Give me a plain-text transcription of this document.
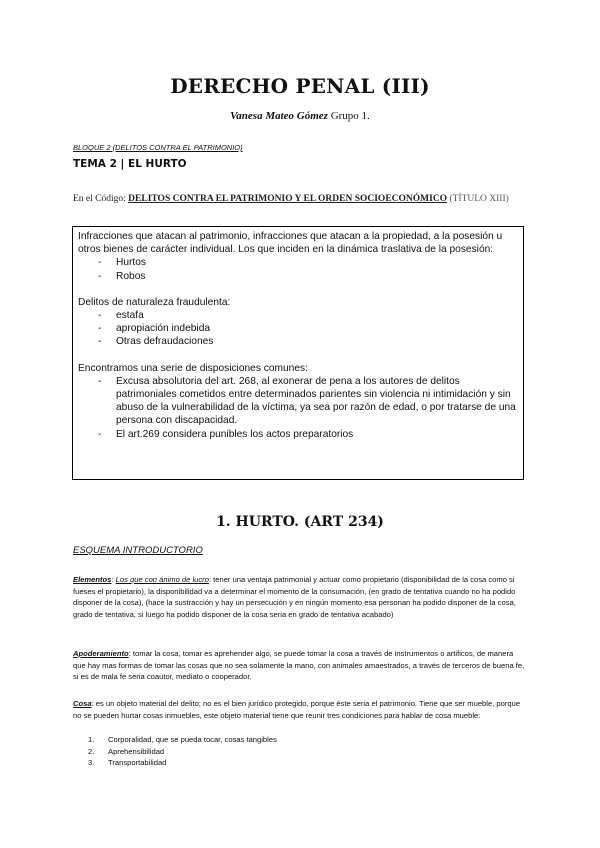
DERECHO PENAL (III)
Vanesa Mateo Gómez Grupo 1.
BLOQUE 2 (DELITOS CONTRA EL PATRIMONIO)
TEMA 2 | EL HURTO
En el Código: DELITOS CONTRA EL PATRIMONIO Y EL ORDEN SOCIOECONÓMICO (TÍTULO XIII)

Infracciones que atacan al patrimonio, infracciones que atacan a la propiedad, a la posesión u otros bienes de carácter individual. Los que inciden en la dinámica traslativa de la posesión:

- Hurtos
- Robos

Delitos de naturaleza fraudulenta:

- estafa
- apropiación indebida
- Otras defraudaciones

Encontramos una serie de disposiciones comunes:

- Excusa absolutoria del art. 268, al exonerar de pena a los autores de delitos patrimoniales cometidos entre determinados parientes sin violencia ni intimidación y sin abuso de la vulnerabilidad de la víctima, ya sea por razón de edad, o por tratarse de una persona con discapacidad.
- El art.269 considera punibles los actos preparatorios
1. HURTO. (ART 234)
ESQUEMA INTRODUCTORIO

Elementos: Los que con ánimo de lucro: tener una ventaja patrimonial y actuar como propietario (disponibilidad de la cosa como si fueses el propietario), la disponibilidad va a determinar el momento de la consumación, (en grado de tentativa cuando no ha podido disponer de la cosa), (hace la sustracción y hay un persecución y en ningún momento esa personan ha podido disponer de la cosa, grado de tentativa, si luego ha podido disponer de la cosa seria en grado de tentativa acabado)

Apoderamiento: tomar la cosa, tomar es aprehender algo, se puede tomar la cosa a través de instrumentos o artificos, de manera que hay mas formas de tomar las cosas que no sea solamente la mano, con animales amaestrados, a través de terceros de buena fe, si es de mala fe seria coautor, mediato o cooperador.

Cosa: es un objeto material del delito; no es el bien jurídico protegido, porque éste seria el patrimonio. Tiene que ser mueble, porque no se pueden hurtar cosas inmuebles, este objeto material tiene que reunir tres condiciones para hablar de cosa mueble:

1. Corporalidad, que se pueda tocar, cosas tangibles
2. Aprehensibilidad
3. Transportabilidad
